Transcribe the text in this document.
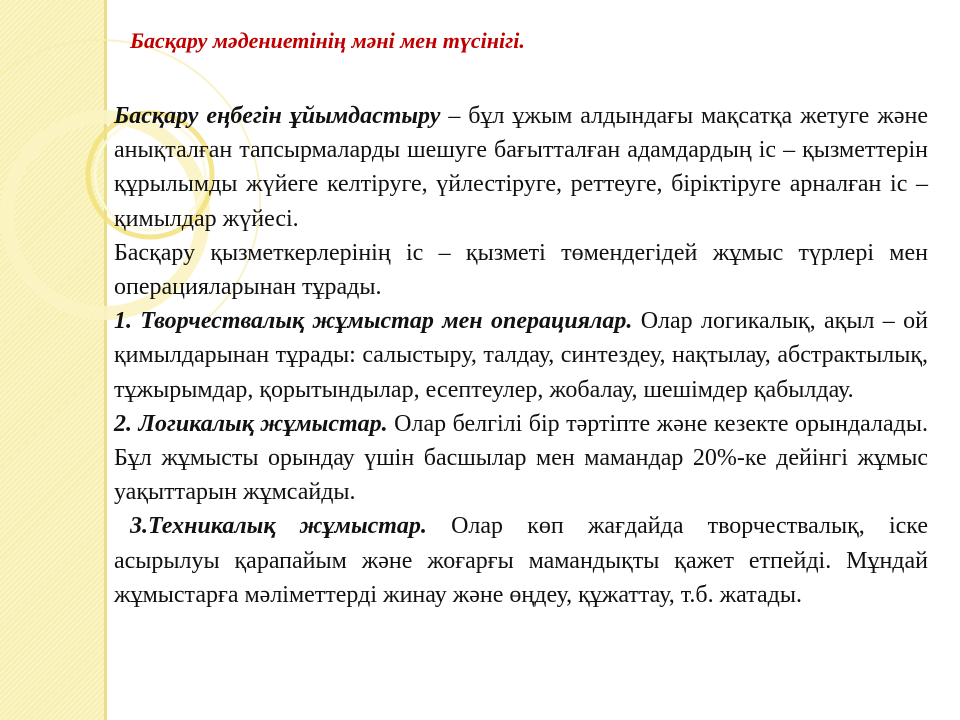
Басқару мәдениетінің мәні мен түсінігі.

Басқару еңбегін ұйымдастыру – бұл ұжым алдындағы мақсатқа жетуге және анықталған тапсырмаларды шешуге бағытталған адамдардың іс – қызметтерін құрылымды жүйеге келтіруге, үйлестіруге, реттеуге, біріктіруге арналған іс – қимылдар жүйесі.

Басқару қызметкерлерінің іс – қызметі төмендегідей жұмыс түрлері мен операцияларынан тұрады.

1. Творчествалық жұмыстар мен операциялар. Олар логикалық, ақыл – ой қимылдарынан тұрады: салыстыру, талдау, синтездеу, нақтылау, абстрактылық, тұжырымдар, қорытындылар, есептеулер, жобалау, шешімдер қабылдау.

2. Логикалық жұмыстар. Олар белгілі бір тәртіпте және кезекте орындалады. Бұл жұмысты орындау үшін басшылар мен мамандар 20%-ке дейінгі жұмыс уақыттарын жұмсайды.

3.Техникалық жұмыстар. Олар көп жағдайда творчествалық, іске асырылуы қарапайым және жоғарғы мамандықты қажет етпейді. Мұндай жұмыстарға мәліметтерді жинау және өңдеу, құжаттау, т.б. жатады.
